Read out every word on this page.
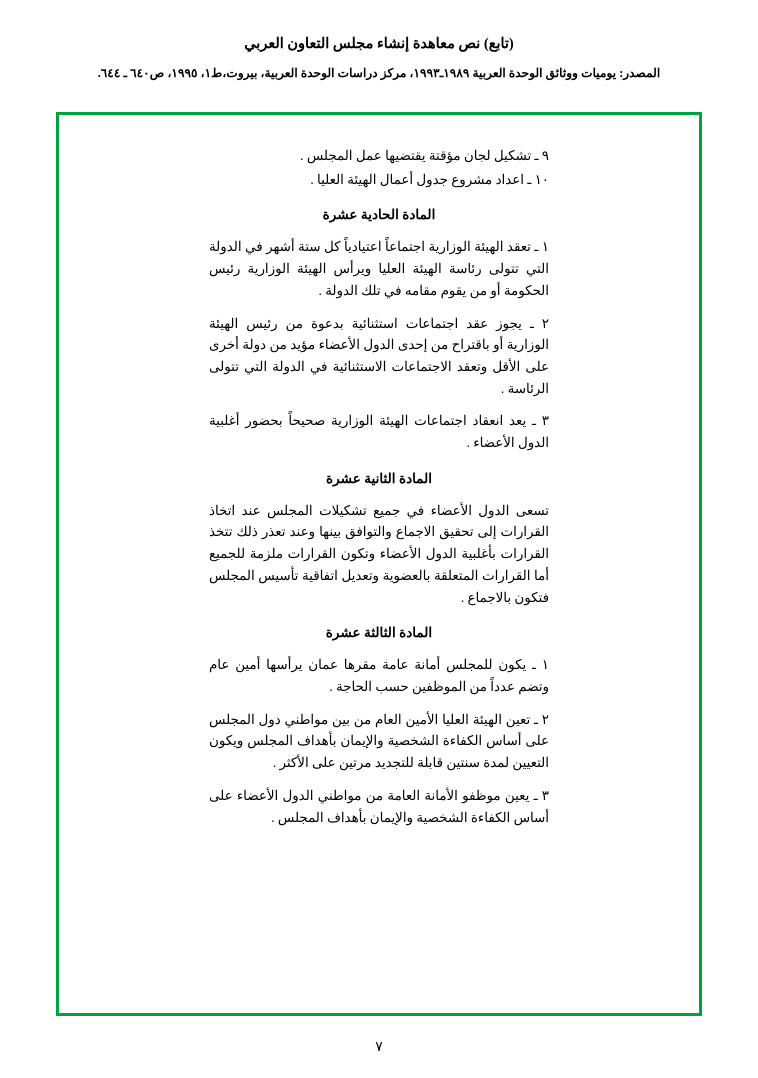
(تابع) نص معاهدة إنشاء مجلس التعاون العربي
المصدر: يوميات ووثائق الوحدة العربية ١٩٨٩ـ١٩٩٣، مركز دراسات الوحدة العربية، بيروت،ط١، ١٩٩٥، ص٦٤٠ ـ ٦٤٤.

٩ ـ تشكيل لجان مؤقتة يقتضيها عمل المجلس .

١٠ ـ اعداد مشروع جدول أعمال الهيئة العليا .

المادة الحادية عشرة

١ ـ تعقد الهيئة الوزارية اجتماعاً اعتيادياً كل ستة أشهر في الدولة التي تتولى رئاسة الهيئة العليا ويرأس الهيئة الوزارية رئيس الحكومة أو من يقوم مقامه في تلك الدولة .

٢ ـ يجوز عقد اجتماعات استثنائية بدعوة من رئيس الهيئة الوزارية أو باقتراح من إحدى الدول الأعضاء مؤيد من دولة أخرى على الأقل وتعقد الاجتماعات الاستثنائية في الدولة التي تتولى الرئاسة .

٣ ـ يعد انعقاد اجتماعات الهيئة الوزارية صحيحاً بحضور أغلبية الدول الأعضاء .

المادة الثانية عشرة

تسعى الدول الأعضاء في جميع تشكيلات المجلس عند اتخاذ القرارات إلى تحقيق الاجماع والتوافق بينها وعند تعذر ذلك تتخذ القرارات بأغلبية الدول الأعضاء وتكون القرارات ملزمة للجميع أما القرارات المتعلقة بالعضوية وتعديل اتفاقية تأسيس المجلس فتكون بالاجماع .

المادة الثالثة عشرة

١ ـ يكون للمجلس أمانة عامة مقرها عمان يرأسها أمين عام وتضم عدداً من الموظفين حسب الحاجة .

٢ ـ تعين الهيئة العليا الأمين العام من بين مواطني دول المجلس على أساس الكفاءة الشخصية والإيمان بأهداف المجلس ويكون التعيين لمدة سنتين قابلة للتجديد مرتين على الأكثر .

٣ ـ يعين موظفو الأمانة العامة من مواطني الدول الأعضاء على أساس الكفاءة الشخصية والإيمان بأهداف المجلس .

٧
